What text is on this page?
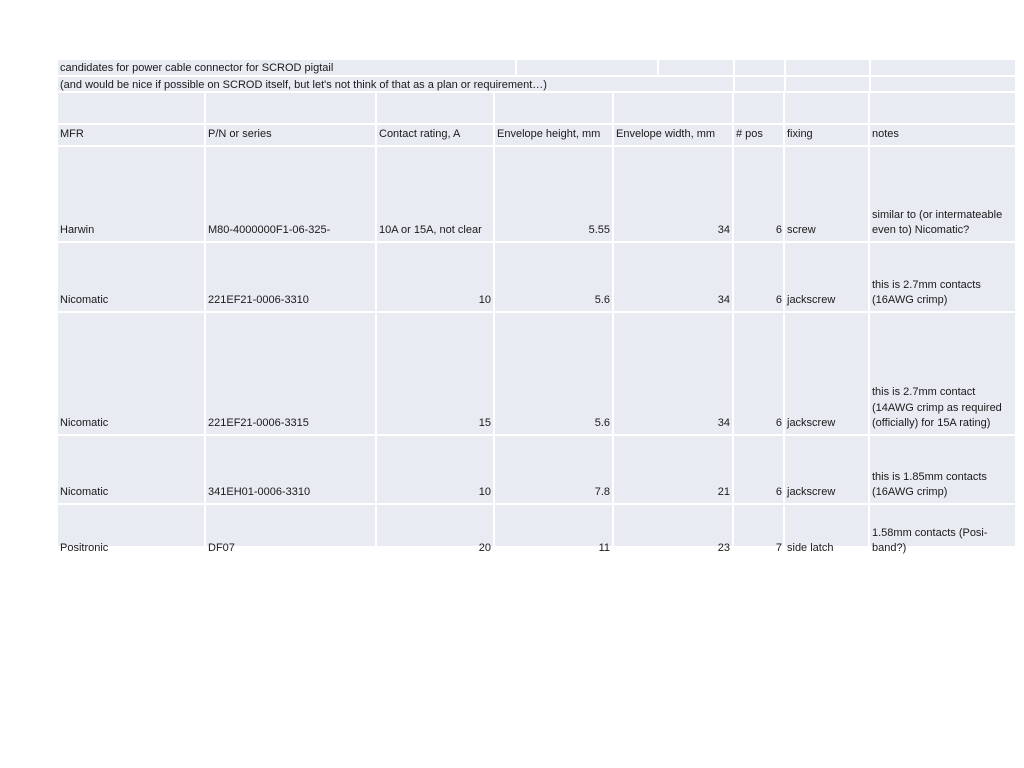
candidates for power cable connector for SCROD pigtail
(and would be nice if possible on SCROD itself, but let's not think of that as a plan or requirement…)

MFR	P/N or series	Contact rating, A	Envelope height, mm	Envelope width, mm	# pos	fixing	notes
Harwin	M80-4000000F1-06-325-	10A or 15A, not clear	5.55	34	6	screw	similar to (or intermateable even to) Nicomatic?
Nicomatic	221EF21-0006-3310	10	5.6	34	6	jackscrew	this is 2.7mm contacts (16AWG crimp)
Nicomatic	221EF21-0006-3315	15	5.6	34	6	jackscrew	this is 2.7mm contact (14AWG crimp as required (officially) for 15A rating)
Nicomatic	341EH01-0006-3310	10	7.8	21	6	jackscrew	this is 1.85mm contacts (16AWG crimp)
Positronic	DF07	20	11	23	7	side latch	1.58mm contacts (Posi-band?)
